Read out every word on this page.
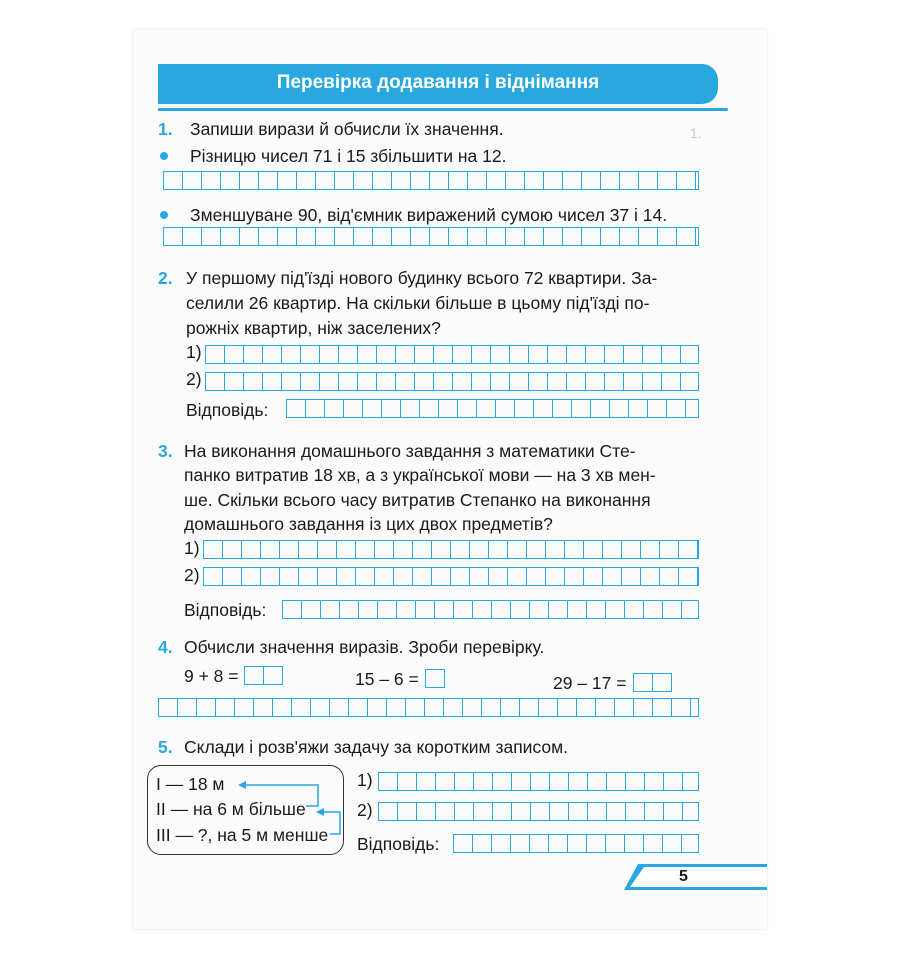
1.
Перевірка додавання і віднімання
1. Запиши вирази й обчисли їх значення.
Різницю чисел 71 і 15 збільшити на 12.
Зменшуване 90, від'ємник виражений сумою чисел 37 і 14.
2. У першому під'їзді нового будинку всього 72 квартири. За-
селили 26 квартир. На скільки більше в цьому під'їзді по-
рожніх квартир, ніж заселених?
1)
2)
Відповідь:
3. На виконання домашнього завдання з математики Сте-
панко витратив 18 хв, а з української мови — на 3 хв мен-
ше. Скільки всього часу витратив Степанко на виконання
домашнього завдання із цих двох предметів?
1)
2)
Відповідь:
4. Обчисли значення виразів. Зроби перевірку.
9 + 8 =	15 – 6 =	29 – 17 =
5. Склади і розв'яжи задачу за коротким записом.
I — 18 м
II — на 6 м більше
III — ?, на 5 м менше
1)
2)
Відповідь:
5
